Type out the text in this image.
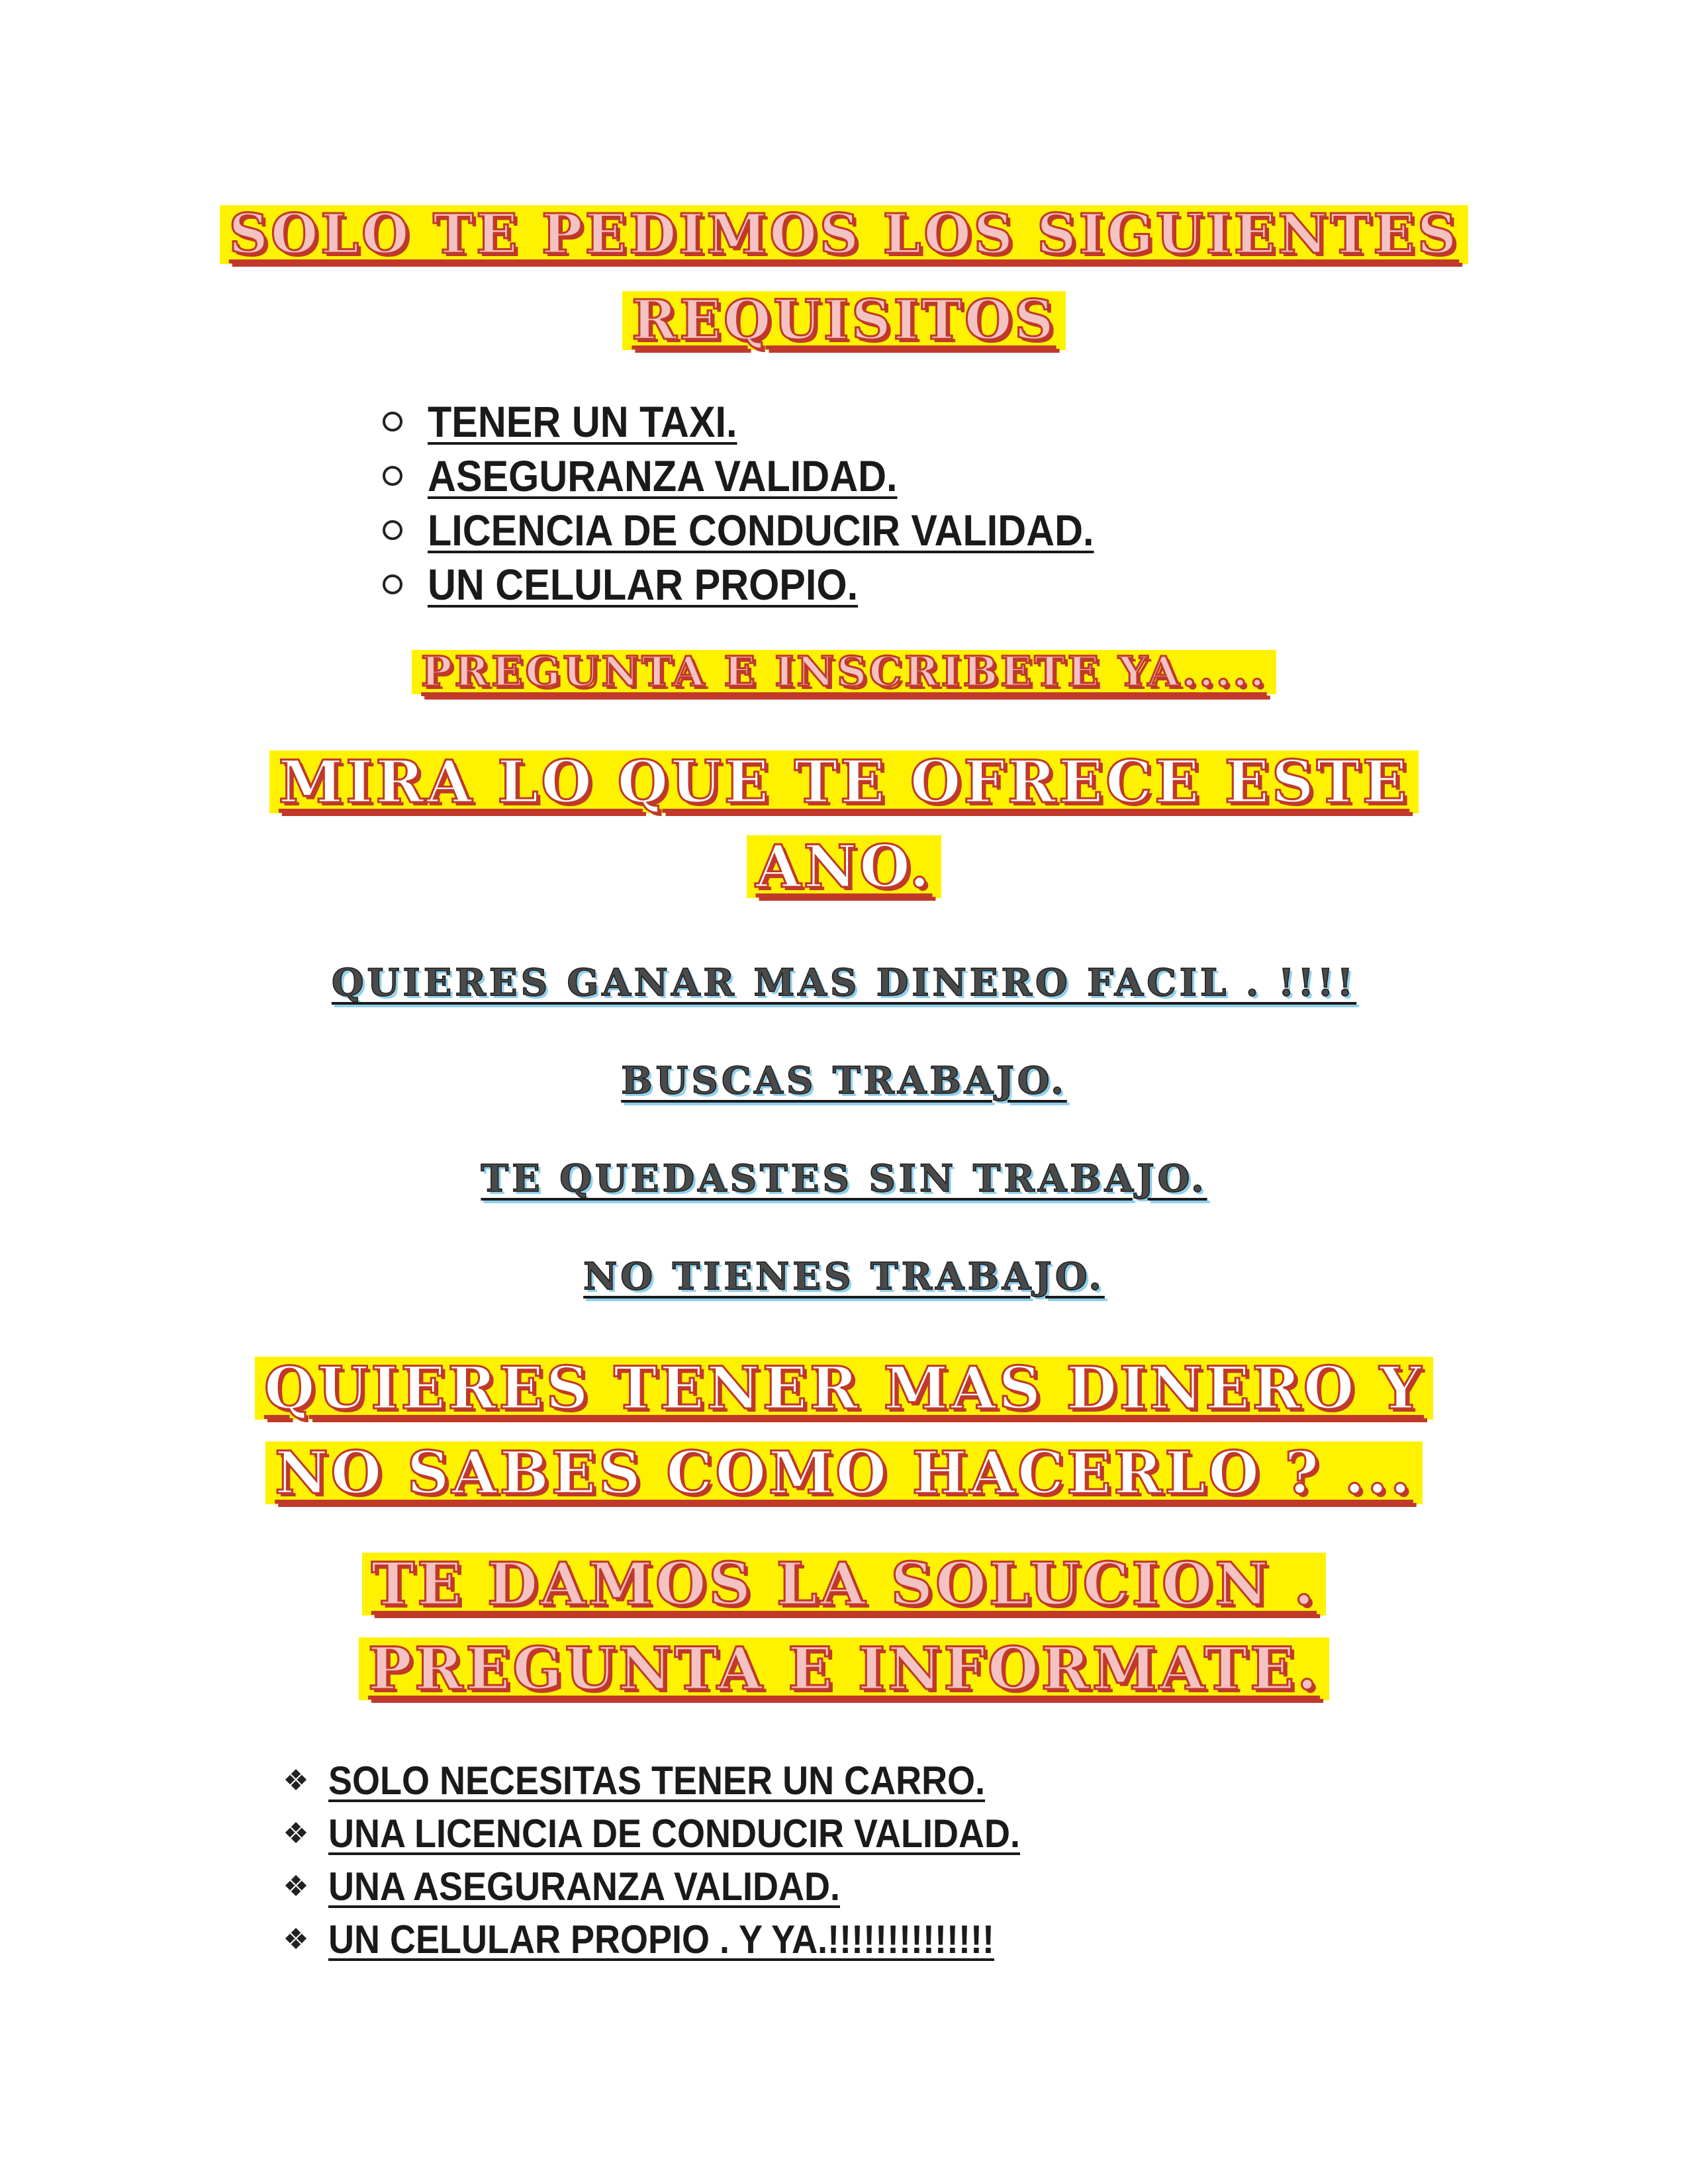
SOLO TE PEDIMOS LOS SIGUIENTES
REQUISITOS
TENER UN TAXI.
ASEGURANZA VALIDAD.
LICENCIA DE CONDUCIR VALIDAD.
UN CELULAR PROPIO.
PREGUNTA E INSCRIBETE YA.....
MIRA LO QUE TE OFRECE ESTE
ANO.
QUIERES GANAR MAS DINERO FACIL . !!!!
BUSCAS TRABAJO.
TE QUEDASTES SIN TRABAJO.
NO TIENES TRABAJO.
QUIERES TENER MAS DINERO Y
NO SABES COMO HACERLO ? ...
TE DAMOS LA SOLUCION .
PREGUNTA E INFORMATE.
❖ SOLO NECESITAS TENER UN CARRO.
❖ UNA LICENCIA DE CONDUCIR VALIDAD.
❖ UNA ASEGURANZA VALIDAD.
❖ UN CELULAR PROPIO . Y YA.!!!!!!!!!!!!!!
